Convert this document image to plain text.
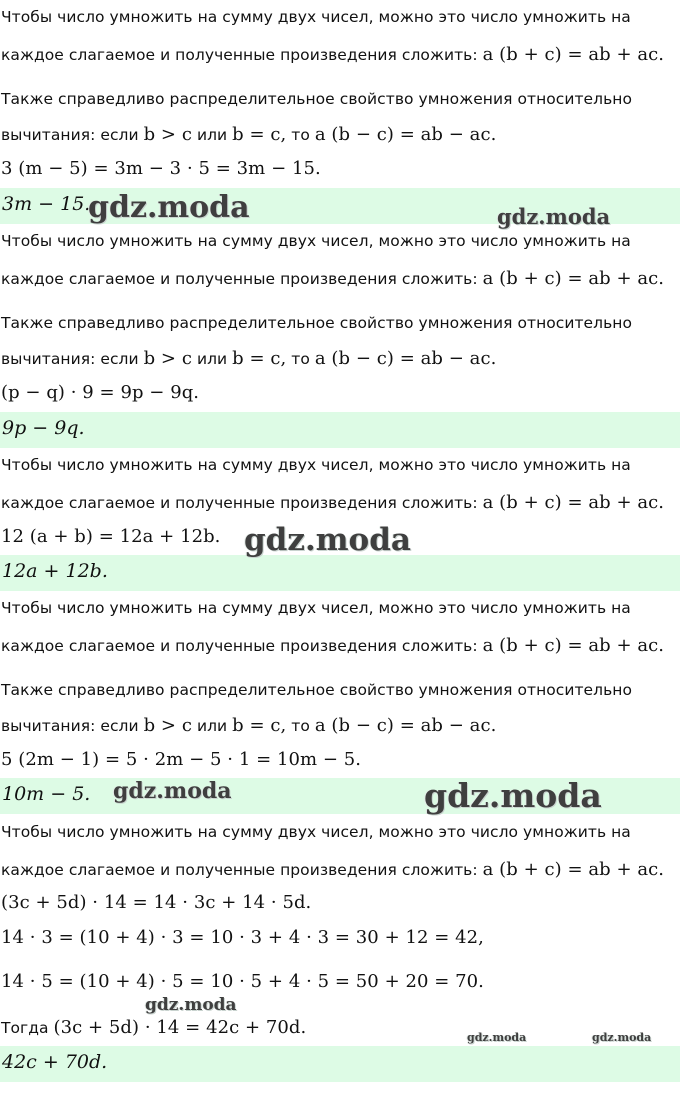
Чтобы число умножить на сумму двух чисел, можно это число умножить на
каждое слагаемое и полученные произведения сложить: a (b + c) = ab + ac.
Также справедливо распределительное свойство умножения относительно
вычитания: если b > c или b = c, то a (b − c) = ab − ac.
3 (m − 5) = 3m − 3 · 5 = 3m − 15.
3m − 15.
Чтобы число умножить на сумму двух чисел, можно это число умножить на
каждое слагаемое и полученные произведения сложить: a (b + c) = ab + ac.
Также справедливо распределительное свойство умножения относительно
вычитания: если b > c или b = c, то a (b − c) = ab − ac.
(p − q) · 9 = 9p − 9q.
9p − 9q.
Чтобы число умножить на сумму двух чисел, можно это число умножить на
каждое слагаемое и полученные произведения сложить: a (b + c) = ab + ac.
12 (a + b) = 12a + 12b.
12a + 12b.
Чтобы число умножить на сумму двух чисел, можно это число умножить на
каждое слагаемое и полученные произведения сложить: a (b + c) = ab + ac.
Также справедливо распределительное свойство умножения относительно
вычитания: если b > c или b = c, то a (b − c) = ab − ac.
5 (2m − 1) = 5 · 2m − 5 · 1 = 10m − 5.
10m − 5.
Чтобы число умножить на сумму двух чисел, можно это число умножить на
каждое слагаемое и полученные произведения сложить: a (b + c) = ab + ac.
(3c + 5d) · 14 = 14 · 3c + 14 · 5d.
14 · 3 = (10 + 4) · 3 = 10 · 3 + 4 · 3 = 30 + 12 = 42,
14 · 5 = (10 + 4) · 5 = 10 · 5 + 4 · 5 = 50 + 20 = 70.
Тогда (3c + 5d) · 14 = 42c + 70d.
42c + 70d.
gdz.moda	gdz.moda
gdz.moda
gdz.moda	gdz.moda
gdz.moda
gdz.moda	gdz.moda
